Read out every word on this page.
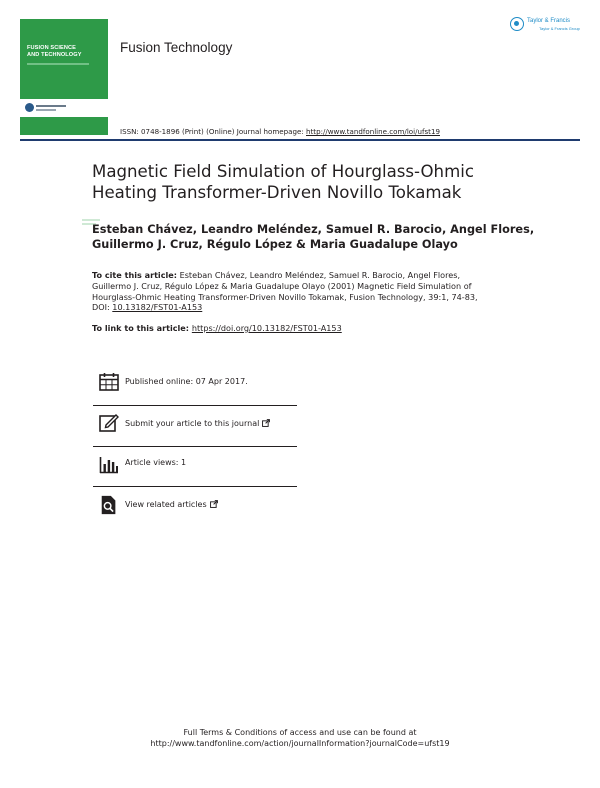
FUSION SCIENCE
AND TECHNOLOGY	Fusion Technology
Taylor & Francis
Taylor & Francis Group
ISSN: 0748-1896 (Print) (Online) Journal homepage: http://www.tandfonline.com/loi/ufst19
Magnetic Field Simulation of Hourglass-Ohmic
Heating Transformer-Driven Novillo Tokamak
Esteban Chávez, Leandro Meléndez, Samuel R. Barocio, Angel Flores,
Guillermo J. Cruz, Régulo López & Maria Guadalupe Olayo
To cite this article: Esteban Chávez, Leandro Meléndez, Samuel R. Barocio, Angel Flores,
Guillermo J. Cruz, Régulo López & Maria Guadalupe Olayo (2001) Magnetic Field Simulation of
Hourglass-Ohmic Heating Transformer-Driven Novillo Tokamak, Fusion Technology, 39:1, 74-83,
DOI: 10.13182/FST01-A153
To link to this article: https://doi.org/10.13182/FST01-A153
Published online: 07 Apr 2017.
Submit your article to this journal
Article views: 1
View related articles
Full Terms & Conditions of access and use can be found at
http://www.tandfonline.com/action/journalInformation?journalCode=ufst19
